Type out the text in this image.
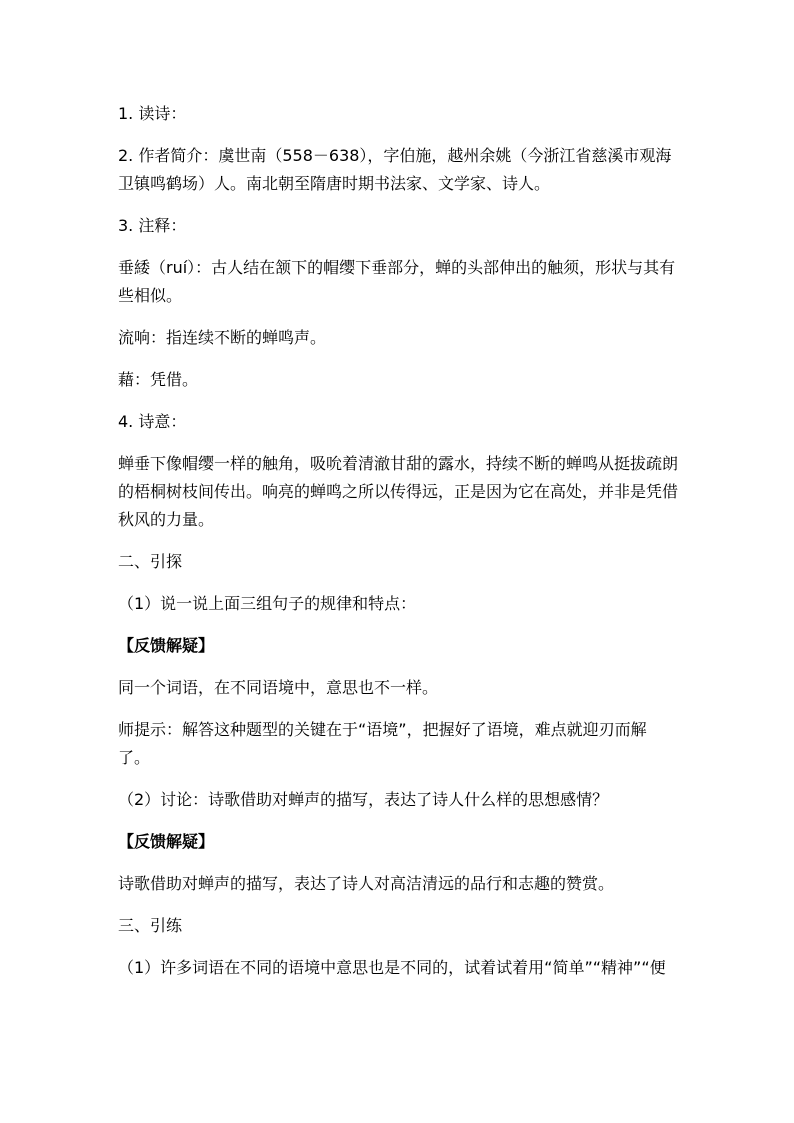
1. 读诗：

2. 作者简介：虞世南（558－638），字伯施，越州余姚（今浙江省慈溪市观海卫镇鸣鹤场）人。南北朝至隋唐时期书法家、文学家、诗人。

3. 注释：

垂緌（ruí）：古人结在颔下的帽缨下垂部分，蝉的头部伸出的触须，形状与其有些相似。

流响：指连续不断的蝉鸣声。

藉：凭借。

4. 诗意：

蝉垂下像帽缨一样的触角，吸吮着清澈甘甜的露水，持续不断的蝉鸣从挺拔疏朗的梧桐树枝间传出。响亮的蝉鸣之所以传得远，正是因为它在高处，并非是凭借秋风的力量。

二、引探

（1）说一说上面三组句子的规律和特点：

【反馈解疑】

同一个词语，在不同语境中，意思也不一样。

师提示：解答这种题型的关键在于“语境”，把握好了语境，难点就迎刃而解了。

（2）讨论：诗歌借助对蝉声的描写，表达了诗人什么样的思想感情？

【反馈解疑】

诗歌借助对蝉声的描写，表达了诗人对高洁清远的品行和志趣的赞赏。

三、引练

（1）许多词语在不同的语境中意思也是不同的，试着试着用“简单”“精神”“便
